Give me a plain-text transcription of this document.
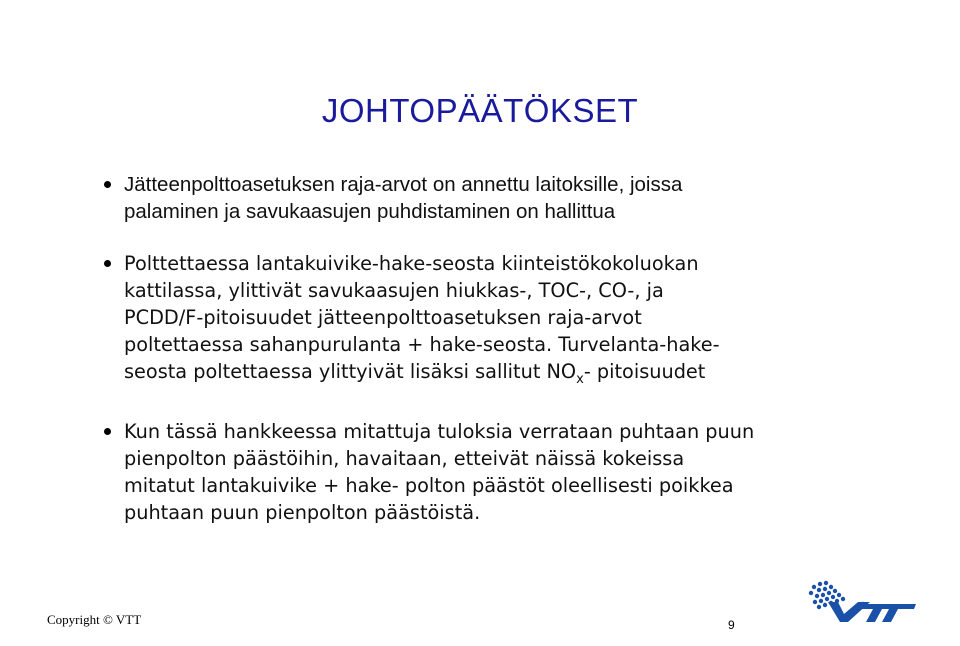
JOHTOPÄÄTÖKSET
Jätteenpolttoasetuksen raja-arvot on annettu laitoksille, joissa
palaminen ja savukaasujen puhdistaminen on hallittua
Polttettaessa lantakuivike-hake-seosta kiinteistökokoluokan
kattilassa, ylittivät savukaasujen hiukkas-, TOC-, CO-, ja
PCDD/F-pitoisuudet jätteenpolttoasetuksen raja-arvot
poltettaessa sahanpurulanta + hake-seosta. Turvelanta-hake-
seosta poltettaessa ylittyivät lisäksi sallitut $NO_x-$ pitoisuudet
Kun tässä hankkeessa mitattuja tuloksia verrataan puhtaan puun
pienpolton päästöihin, havaitaan, etteivät näissä kokeissa
mitatut lantakuivike + hake- polton päästöt oleellisesti poikkea
puhtaan puun pienpolton päästöistä.
Copyright © VTT	9
VTT
